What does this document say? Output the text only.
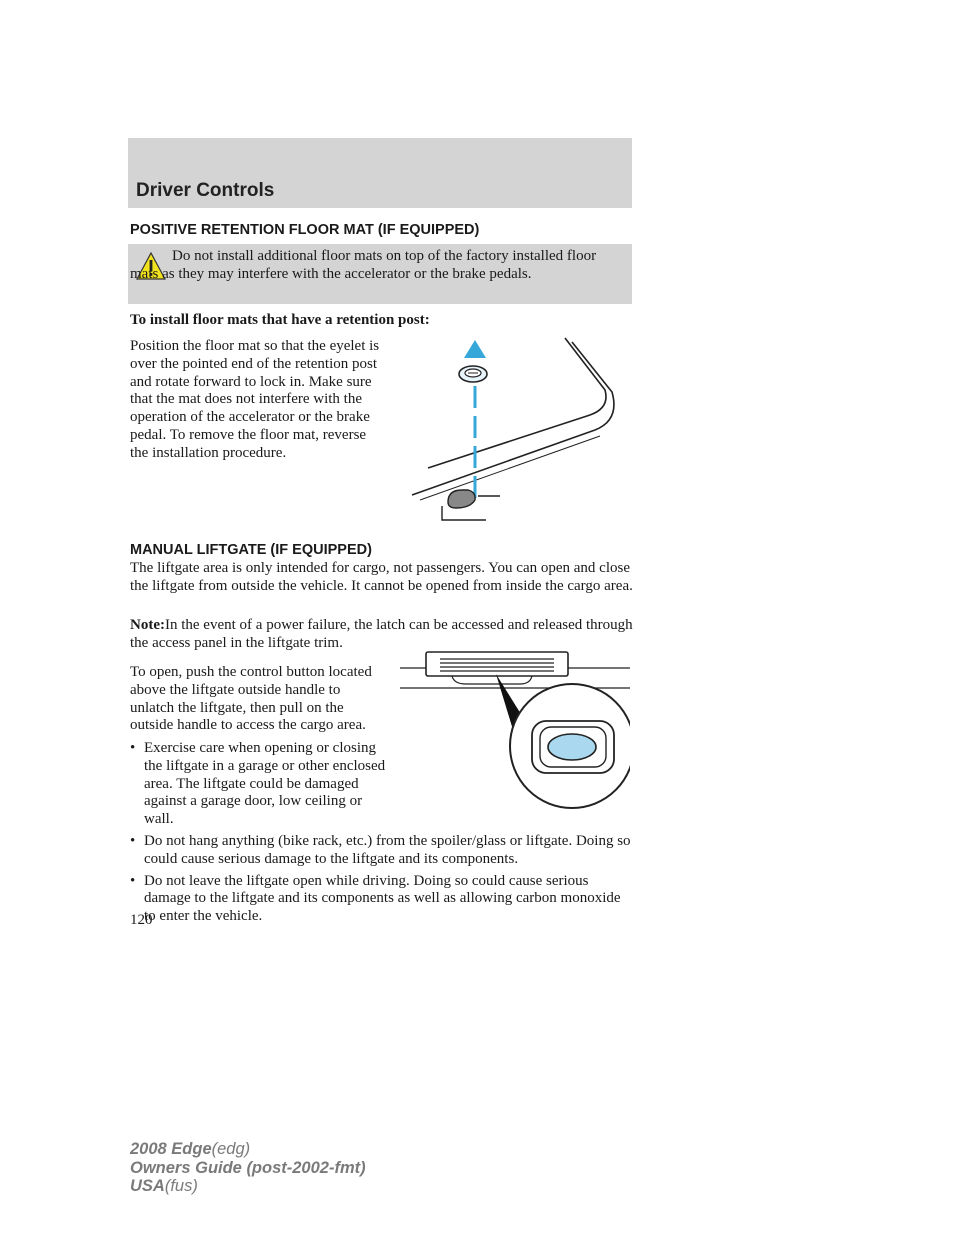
Driver Controls
POSITIVE RETENTION FLOOR MAT (IF EQUIPPED)

Do not install additional floor mats on top of the factory installed floor mats as they may interfere with the accelerator or the brake pedals.

To install floor mats that have a retention post:

Position the floor mat so that the eyelet is over the pointed end of the retention post and rotate forward to lock in. Make sure that the mat does not interfere with the operation of the accelerator or the brake pedal. To remove the floor mat, reverse the installation procedure.

MANUAL LIFTGATE (IF EQUIPPED)

The liftgate area is only intended for cargo, not passengers. You can open and close the liftgate from outside the vehicle. It cannot be opened from inside the cargo area.

Note:In the event of a power failure, the latch can be accessed and released through the access panel in the liftgate trim.

To open, push the control button located above the liftgate outside handle to unlatch the liftgate, then pull on the outside handle to access the cargo area.

• Exercise care when opening or closing the liftgate in a garage or other enclosed area. The liftgate could be damaged against a garage door, low ceiling or wall.
• Do not hang anything (bike rack, etc.) from the spoiler/glass or liftgate. Doing so could cause serious damage to the liftgate and its components.
• Do not leave the liftgate open while driving. Doing so could cause serious damage to the liftgate and its components as well as allowing carbon monoxide to enter the vehicle.

120

2008 Edge(edg)
Owners Guide (post-2002-fmt)
USA(fus)
